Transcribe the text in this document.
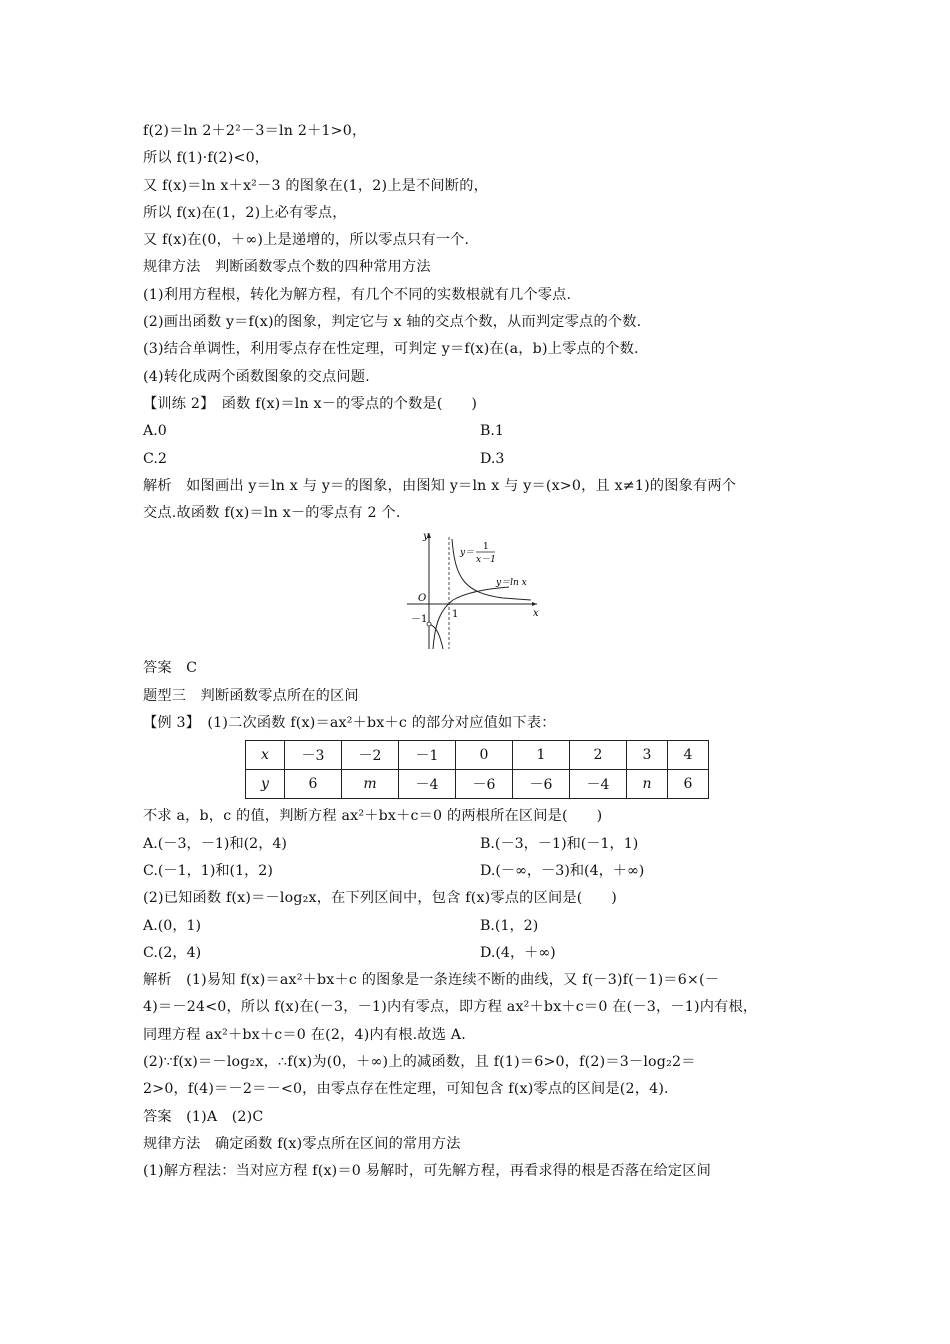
f(2)＝ln 2＋2²－3＝ln 2＋1>0，
所以 f(1)·f(2)<0，
又 f(x)＝ln x＋x²－3 的图象在(1，2)上是不间断的，
所以 f(x)在(1，2)上必有零点，
又 f(x)在(0，＋∞)上是递增的，所以零点只有一个.
规律方法　判断函数零点个数的四种常用方法
(1)利用方程根，转化为解方程，有几个不同的实数根就有几个零点.
(2)画出函数 y＝f(x)的图象，判定它与 x 轴的交点个数，从而判定零点的个数.
(3)结合单调性，利用零点存在性定理，可判定 y＝f(x)在(a，b)上零点的个数.
(4)转化成两个函数图象的交点问题.
【训练 2】　函数 f(x)＝ln x－的零点的个数是(　　)
A.0	B.1
C.2	D.3
解析　如图画出 y＝ln x 与 y＝的图象，由图知 y＝ln x 与 y＝(x>0，且 x≠1)的图象有两个
交点.故函数 f(x)＝ln x－的零点有 2 个.
y
x
O
1
－1
y＝
1
x－1
y＝ln x
答案　C
题型三　判断函数零点所在的区间
【例 3】　(1)二次函数 f(x)＝ax²＋bx＋c 的部分对应值如下表：
x	－3	－2	－1	0	1	2	3	4
y	6	m	－4	－6	－6	－4	n	6
不求 a，b，c 的值，判断方程 ax²＋bx＋c＝0 的两根所在区间是(　　)
A.(－3，－1)和(2，4)	B.(－3，－1)和(－1，1)
C.(－1，1)和(1，2)	D.(－∞，－3)和(4，＋∞)
(2)已知函数 f(x)＝－log₂x，在下列区间中，包含 f(x)零点的区间是(　　)
A.(0，1)	B.(1，2)
C.(2，4)	D.(4，＋∞)
解析　(1)易知 f(x)＝ax²＋bx＋c 的图象是一条连续不断的曲线，又 f(－3)f(－1)＝6×(－
4)＝－24<0，所以 f(x)在(－3，－1)内有零点，即方程 ax²＋bx＋c＝0 在(－3，－1)内有根，
同理方程 ax²＋bx＋c＝0 在(2，4)内有根.故选 A.
(2)∵f(x)＝－log₂x，∴f(x)为(0，＋∞)上的减函数，且 f(1)＝6>0，f(2)＝3－log₂2＝
2>0，f(4)＝－2＝－<0，由零点存在性定理，可知包含 f(x)零点的区间是(2，4).
答案　(1)A　(2)C
规律方法　确定函数 f(x)零点所在区间的常用方法
(1)解方程法：当对应方程 f(x)＝0 易解时，可先解方程，再看求得的根是否落在给定区间
